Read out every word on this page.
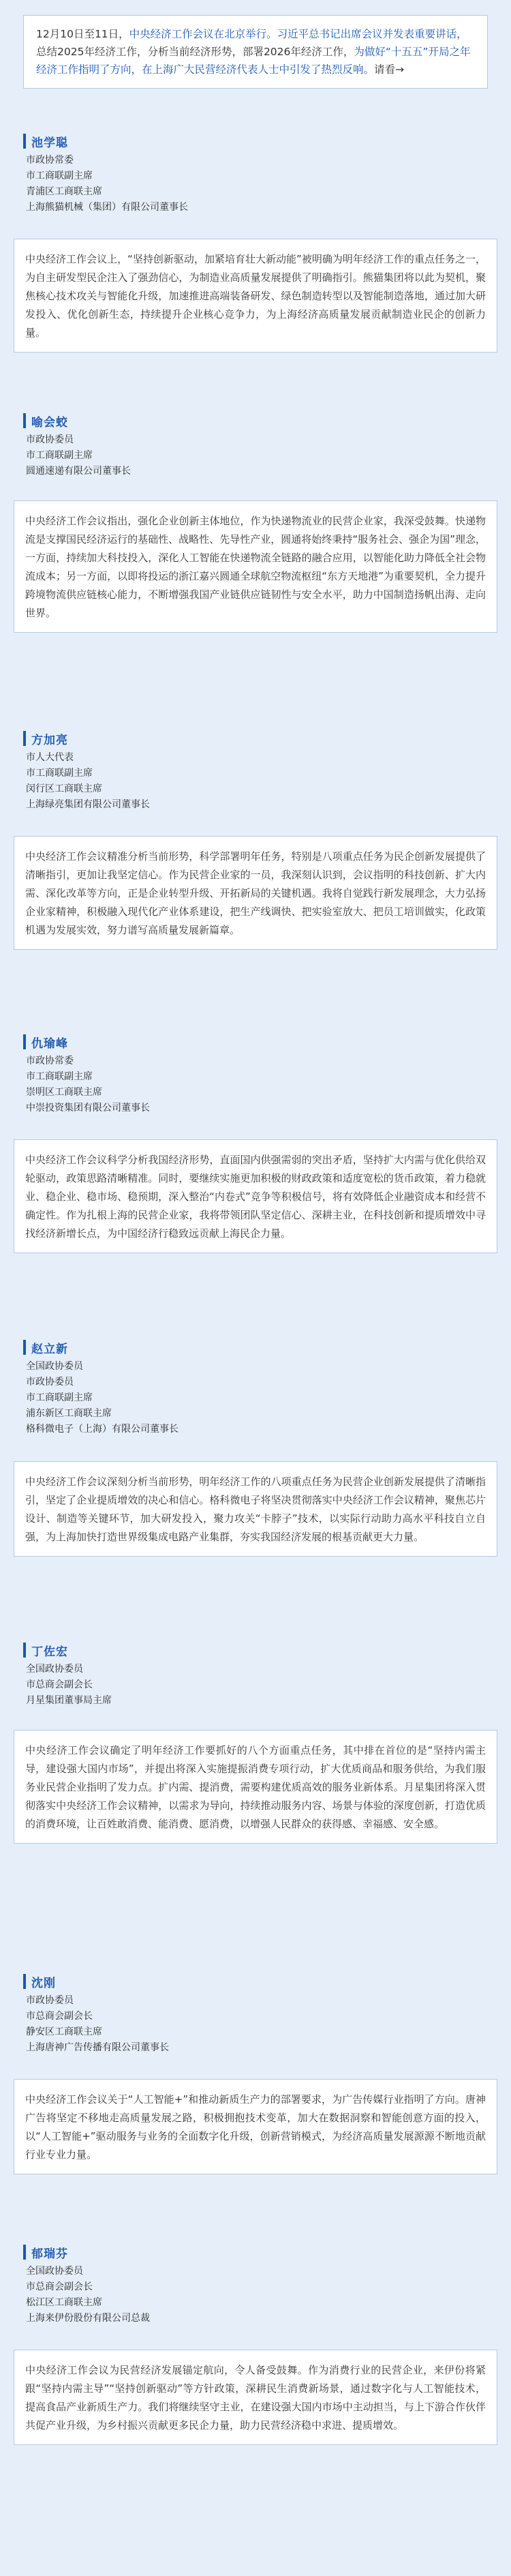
12月10日至11日，中央经济工作会议在北京举行。习近平总书记出席会议并发表重要讲话，总结2025年经济工作，分析当前经济形势，部署2026年经济工作，为做好“十五五”开局之年经济工作指明了方向，在上海广大民营经济代表人士中引发了热烈反响。请看→
池学聪
市政协常委
市工商联副主席
青浦区工商联主席
上海熊猫机械（集团）有限公司董事长
中央经济工作会议上，“坚持创新驱动，加紧培育壮大新动能”被明确为明年经济工作的重点任务之一，为自主研发型民企注入了强劲信心，为制造业高质量发展提供了明确指引。熊猫集团将以此为契机，聚焦核心技术攻关与智能化升级，加速推进高端装备研发、绿色制造转型以及智能制造落地，通过加大研发投入、优化创新生态，持续提升企业核心竞争力，为上海经济高质量发展贡献制造业民企的创新力量。
喻会蛟
市政协委员
市工商联副主席
圆通速递有限公司董事长
中央经济工作会议指出，强化企业创新主体地位，作为快递物流业的民营企业家，我深受鼓舞。快递物流是支撑国民经济运行的基础性、战略性、先导性产业，圆通将始终秉持“服务社会、强企为国”理念，一方面，持续加大科技投入，深化人工智能在快递物流全链路的融合应用，以智能化助力降低全社会物流成本；另一方面，以即将投运的浙江嘉兴圆通全球航空物流枢纽“东方天地港”为重要契机，全力提升跨境物流供应链核心能力，不断增强我国产业链供应链韧性与安全水平，助力中国制造扬帆出海、走向世界。
方加亮
市人大代表
市工商联副主席
闵行区工商联主席
上海绿亮集团有限公司董事长
中央经济工作会议精准分析当前形势，科学部署明年任务，特别是八项重点任务为民企创新发展提供了清晰指引，更加让我坚定信心。作为民营企业家的一员，我深刻认识到，会议指明的科技创新、扩大内需、深化改革等方向，正是企业转型升级、开拓新局的关键机遇。我将自觉践行新发展理念，大力弘扬企业家精神，积极融入现代化产业体系建设，把生产线调快、把实验室放大、把员工培训做实，化政策机遇为发展实效，努力谱写高质量发展新篇章。
仇瑜峰
市政协常委
市工商联副主席
崇明区工商联主席
中崇投资集团有限公司董事长
中央经济工作会议科学分析我国经济形势，直面国内供强需弱的突出矛盾，坚持扩大内需与优化供给双轮驱动，政策思路清晰精准。同时，要继续实施更加积极的财政政策和适度宽松的货币政策，着力稳就业、稳企业、稳市场、稳预期，深入整治“内卷式”竞争等积极信号，将有效降低企业融资成本和经营不确定性。作为扎根上海的民营企业家，我将带领团队坚定信心、深耕主业，在科技创新和提质增效中寻找经济新增长点，为中国经济行稳致远贡献上海民企力量。
赵立新
全国政协委员
市政协委员
市工商联副主席
浦东新区工商联主席
格科微电子（上海）有限公司董事长
中央经济工作会议深刻分析当前形势，明年经济工作的八项重点任务为民营企业创新发展提供了清晰指引，坚定了企业提质增效的决心和信心。格科微电子将坚决贯彻落实中央经济工作会议精神，聚焦芯片设计、制造等关键环节，加大研发投入，聚力攻关“卡脖子”技术，以实际行动助力高水平科技自立自强，为上海加快打造世界级集成电路产业集群，夯实我国经济发展的根基贡献更大力量。
丁佐宏
全国政协委员
市总商会副会长
月星集团董事局主席
中央经济工作会议确定了明年经济工作要抓好的八个方面重点任务，其中排在首位的是“坚持内需主导，建设强大国内市场”，并提出将深入实施提振消费专项行动，扩大优质商品和服务供给，为我们服务业民营企业指明了发力点。扩内需、提消费，需要构建优质高效的服务业新体系。月星集团将深入贯彻落实中央经济工作会议精神，以需求为导向，持续推动服务内容、场景与体验的深度创新，打造优质的消费环境，让百姓敢消费、能消费、愿消费，以增强人民群众的获得感、幸福感、安全感。
沈刚
市政协委员
市总商会副会长
静安区工商联主席
上海唐神广告传播有限公司董事长
中央经济工作会议关于“人工智能+”和推动新质生产力的部署要求，为广告传媒行业指明了方向。唐神广告将坚定不移地走高质量发展之路，积极拥抱技术变革，加大在数据洞察和智能创意方面的投入，以“人工智能+”驱动服务与业务的全面数字化升级，创新营销模式，为经济高质量发展源源不断地贡献行业专业力量。
郁瑞芬
全国政协委员
市总商会副会长
松江区工商联主席
上海来伊份股份有限公司总裁
中央经济工作会议为民营经济发展锚定航向，令人备受鼓舞。作为消费行业的民营企业，来伊份将紧跟“坚持内需主导”“坚持创新驱动”等方针政策，深耕民生消费新场景，通过数字化与人工智能技术，提高食品产业新质生产力。我们将继续坚守主业，在建设强大国内市场中主动担当，与上下游合作伙伴共促产业升级，为乡村振兴贡献更多民企力量，助力民营经济稳中求进、提质增效。
